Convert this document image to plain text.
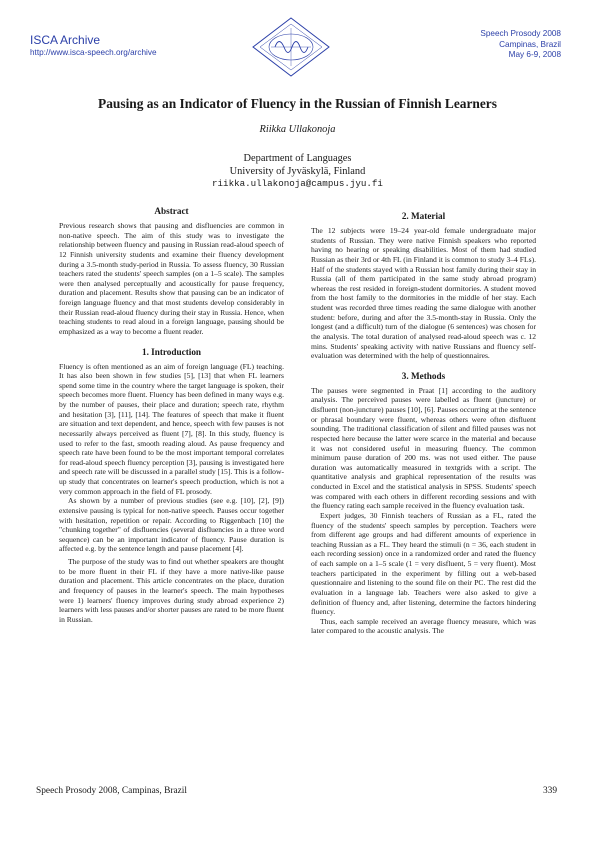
ISCA Archive
http://www.isca-speech.org/archive
Speech Prosody 2008
Campinas, Brazil
May 6-9, 2008
Pausing as an Indicator of Fluency in the Russian of Finnish Learners
Riikka Ullakonoja
Department of Languages
University of Jyväskylä, Finland
riikka.ullakonoja@campus.jyu.fi
Abstract

Previous research shows that pausing and disfluencies are common in non-native speech. The aim of this study was to investigate the relationship between fluency and pausing in Russian read-aloud speech of 12 Finnish university students and examine their fluency development during a 3.5-month study-period in Russia. To assess fluency, 30 Russian teachers rated the students' speech samples (on a 1–5 scale). The samples were then analysed perceptually and acoustically for pause frequency, duration and placement. Results show that pausing can be an indicator of foreign language fluency and that most students develop considerably in their Russian read-aloud fluency during their stay in Russia. Hence, when teaching students to read aloud in a foreign language, pausing should be emphasized as a way to become a fluent reader.

1. Introduction

Fluency is often mentioned as an aim of foreign language (FL) teaching. It has also been shown in few studies [5], [13] that when FL learners spend some time in the country where the target language is spoken, their speech becomes more fluent. Fluency has been defined in many ways e.g. by the number of pauses, their place and duration; speech rate, rhythm and hesitation [3], [11], [14]. The features of speech that make it fluent are situation and text dependent, and hence, speech with few pauses is not necessarily always perceived as fluent [7], [8]. In this study, fluency is used to refer to the fast, smooth reading aloud. As pause frequency and speech rate have been found to be the most important temporal correlates for read-aloud speech fluency perception [3], pausing is investigated here and speech rate will be discussed in a parallel study [15]. This is a follow-up study that concentrates on learner's speech production, which is not a very common approach in the field of FL prosody.

As shown by a number of previous studies (see e.g. [10], [2], [9]) extensive pausing is typical for non-native speech. Pauses occur together with hesitation, repetition or repair. According to Riggenbach [10] the "chunking together" of disfluencies (several disfluencies in a three word sequence) can be an important indicator of fluency. Pause duration is affected e.g. by the sentence length and pause placement [4].

The purpose of the study was to find out whether speakers are thought to be more fluent in their FL if they have a more native-like pause duration and placement. This article concentrates on the place, duration and frequency of pauses in the learner's speech. The main hypotheses were 1) learners' fluency improves during study abroad experience 2) learners with less pauses and/or shorter pauses are rated to be more fluent in Russian.

2. Material

The 12 subjects were 19–24 year-old female undergraduate major students of Russian. They were native Finnish speakers who reported having no hearing or speaking disabilities. Most of them had studied Russian as their 3rd or 4th FL (in Finland it is common to study 3–4 FLs). Half of the students stayed with a Russian host family during their stay in Russia (all of them participated in the same study abroad program) whereas the rest resided in foreign-student dormitories. A student moved from the host family to the dormitories in the middle of her stay. Each student was recorded three times reading the same dialogue with another student: before, during and after the 3.5-month-stay in Russia. Only the longest (and a difficult) turn of the dialogue (6 sentences) was chosen for the analysis. The total duration of analysed read-aloud speech was c. 12 mins. Students' speaking activity with native Russians and fluency self-evaluation was determined with the help of questionnaires.

3. Methods

The pauses were segmented in Praat [1] according to the auditory analysis. The perceived pauses were labelled as fluent (juncture) or disfluent (non-juncture) pauses [10], [6]. Pauses occurring at the sentence or phrasal boundary were fluent, whereas others were often disfluent sounding. The traditional classification of silent and filled pauses was not respected here because the latter were scarce in the material and because it was not considered useful in measuring fluency. The common minimum pause duration of 200 ms. was not used either. The pause duration was automatically measured in textgrids with a script. The quantitative analysis and graphical representation of the results was conducted in Excel and the statistical analysis in SPSS. Students' speech was compared with each others in different recording sessions and with the fluency rating each sample received in the fluency evaluation task.

Expert judges, 30 Finnish teachers of Russian as a FL, rated the fluency of the students' speech samples by perception. Teachers were from different age groups and had different amounts of experience in teaching Russian as a FL. They heard the stimuli (n = 36, each student in each recording session) once in a randomized order and rated the fluency of each sample on a 1–5 scale (1 = very disfluent, 5 = very fluent). Most teachers participated in the experiment by filling out a web-based questionnaire and listening to the sound file on their PC. The rest did the evaluation in a language lab. Teachers were also asked to give a definition of fluency and, after listening, determine the factors hindering fluency.

Thus, each sample received an average fluency measure, which was later compared to the acoustic analysis. The

Speech Prosody 2008, Campinas, Brazil	339
